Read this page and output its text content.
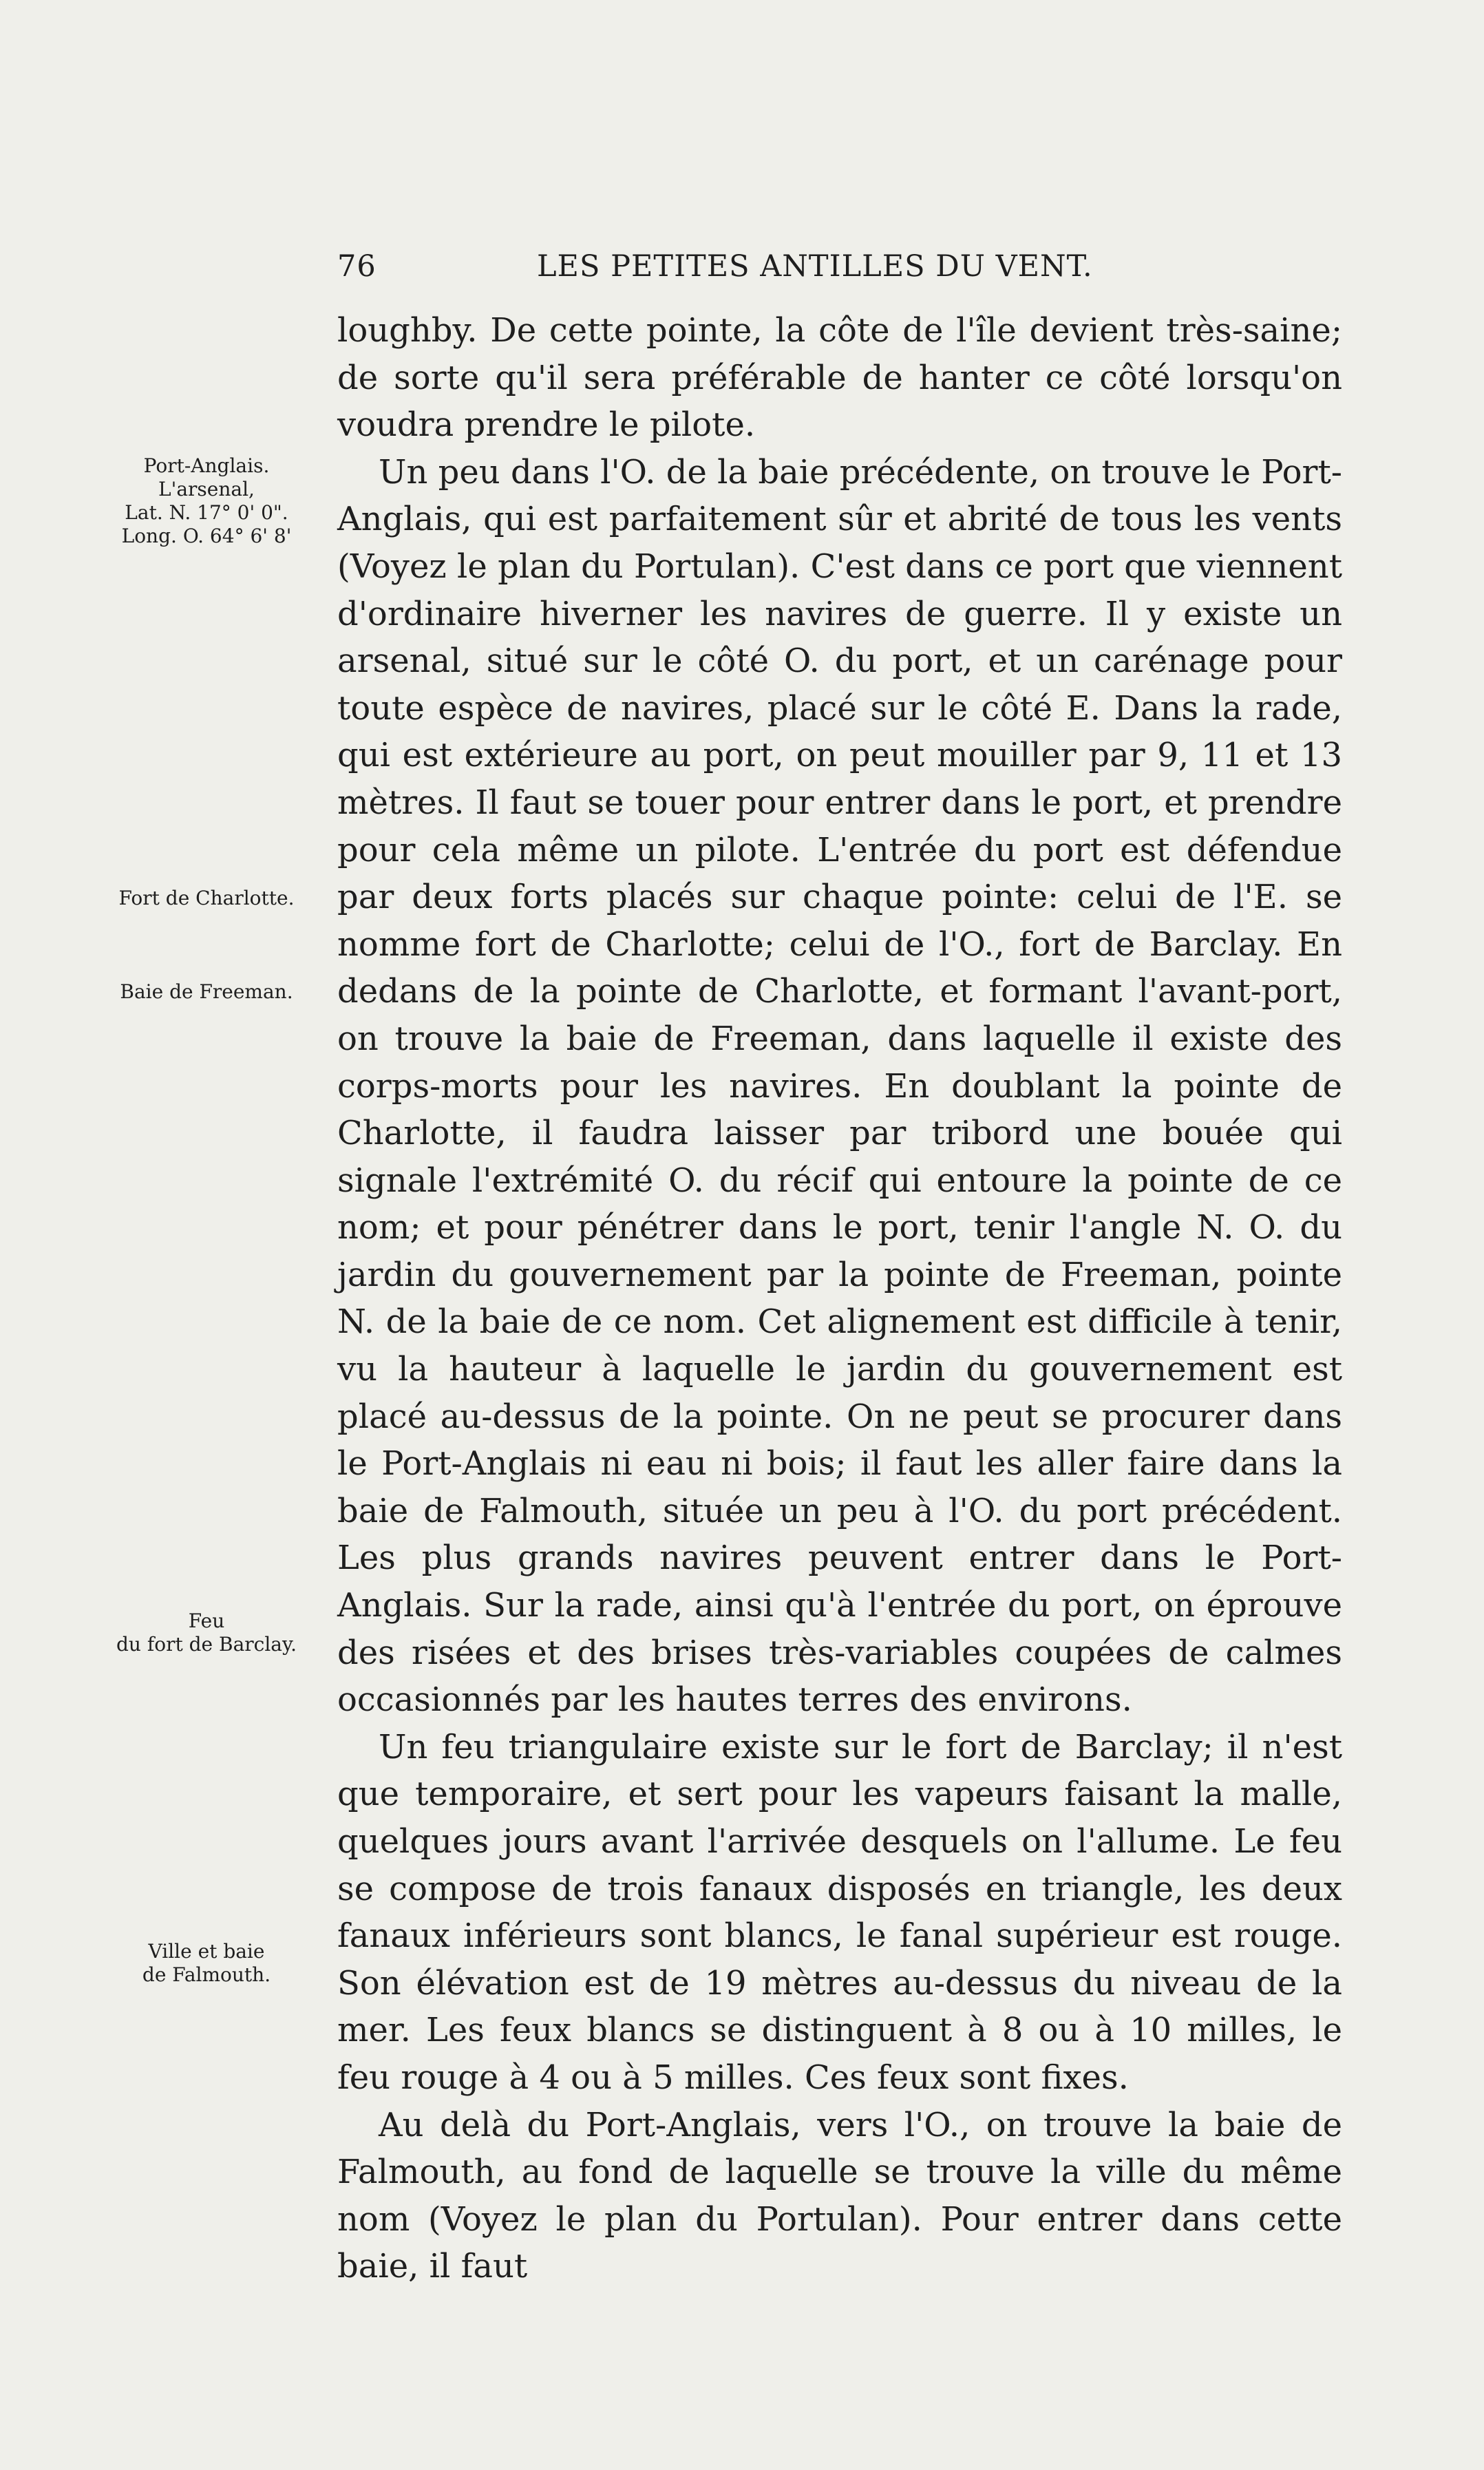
76	LES PETITES ANTILLES DU VENT.
Port-Anglais.
L'arsenal,
Lat. N. 17° 0' 0".
Long. O. 64° 6' 8'
Fort de Charlotte.
Baie de Freeman.
Feu
du fort de Barclay.
Ville et baie
de Falmouth.

loughby. De cette pointe, la côte de l'île devient très-saine; de sorte qu'il sera préférable de hanter ce côté lorsqu'on voudra prendre le pilote.

Un peu dans l'O. de la baie précédente, on trouve le Port-Anglais, qui est parfaitement sûr et abrité de tous les vents (Voyez le plan du Portulan). C'est dans ce port que viennent d'ordinaire hiverner les navires de guerre. Il y existe un arsenal, situé sur le côté O. du port, et un carénage pour toute espèce de navires, placé sur le côté E. Dans la rade, qui est extérieure au port, on peut mouiller par 9, 11 et 13 mètres. Il faut se touer pour entrer dans le port, et prendre pour cela même un pilote. L'entrée du port est défendue par deux forts placés sur chaque pointe: celui de l'E. se nomme fort de Charlotte; celui de l'O., fort de Barclay. En dedans de la pointe de Charlotte, et formant l'avant-port, on trouve la baie de Freeman, dans laquelle il existe des corps-morts pour les navires. En doublant la pointe de Charlotte, il faudra laisser par tribord une bouée qui signale l'extrémité O. du récif qui entoure la pointe de ce nom; et pour pénétrer dans le port, tenir l'angle N. O. du jardin du gouvernement par la pointe de Freeman, pointe N. de la baie de ce nom. Cet alignement est difficile à tenir, vu la hauteur à laquelle le jardin du gouvernement est placé au-dessus de la pointe. On ne peut se procurer dans le Port-Anglais ni eau ni bois; il faut les aller faire dans la baie de Falmouth, située un peu à l'O. du port précédent. Les plus grands navires peuvent entrer dans le Port-Anglais. Sur la rade, ainsi qu'à l'entrée du port, on éprouve des risées et des brises très-variables coupées de calmes occasionnés par les hautes terres des environs.

Un feu triangulaire existe sur le fort de Barclay; il n'est que temporaire, et sert pour les vapeurs faisant la malle, quelques jours avant l'arrivée desquels on l'allume. Le feu se compose de trois fanaux disposés en triangle, les deux fanaux inférieurs sont blancs, le fanal supérieur est rouge. Son élévation est de 19 mètres au-dessus du niveau de la mer. Les feux blancs se distinguent à 8 ou à 10 milles, le feu rouge à 4 ou à 5 milles. Ces feux sont fixes.

Au delà du Port-Anglais, vers l'O., on trouve la baie de Falmouth, au fond de laquelle se trouve la ville du même nom (Voyez le plan du Portulan). Pour entrer dans cette baie, il faut
